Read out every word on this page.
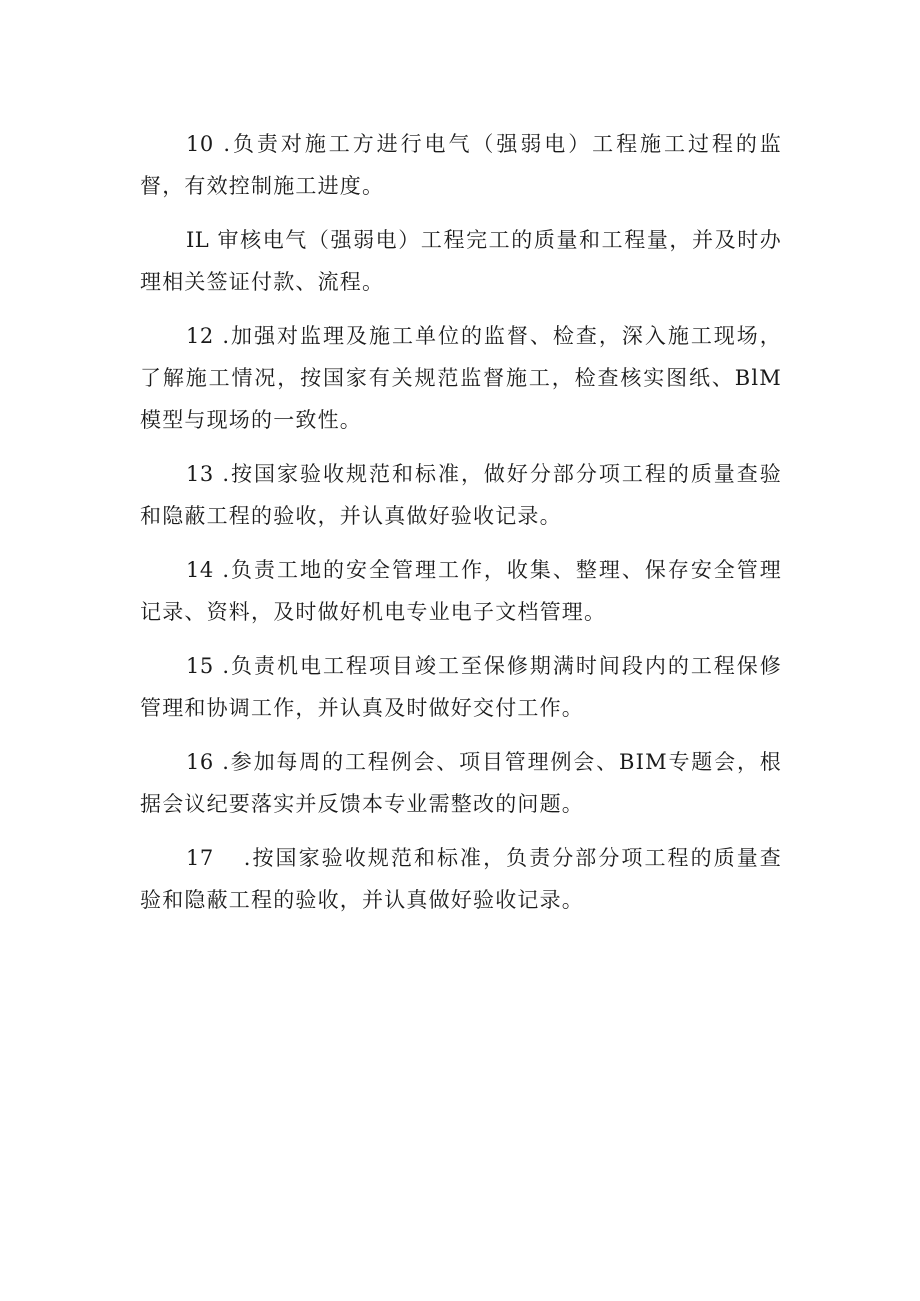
10 .负责对施工方进行电气（强弱电）工程施工过程的监督，有效控制施工进度。

IL 审核电气（强弱电）工程完工的质量和工程量，并及时办理相关签证付款、流程。

12 .加强对监理及施工单位的监督、检查，深入施工现场，了解施工情况，按国家有关规范监督施工，检查核实图纸、BlM模型与现场的一致性。

13 .按国家验收规范和标准，做好分部分项工程的质量查验和隐蔽工程的验收，并认真做好验收记录。

14 .负责工地的安全管理工作，收集、整理、保存安全管理记录、资料，及时做好机电专业电子文档管理。

15 .负责机电工程项目竣工至保修期满时间段内的工程保修管理和协调工作，并认真及时做好交付工作。

16 .参加每周的工程例会、项目管理例会、BIM专题会，根据会议纪要落实并反馈本专业需整改的问题。

17 .按国家验收规范和标准，负责分部分项工程的质量查验和隐蔽工程的验收，并认真做好验收记录。
